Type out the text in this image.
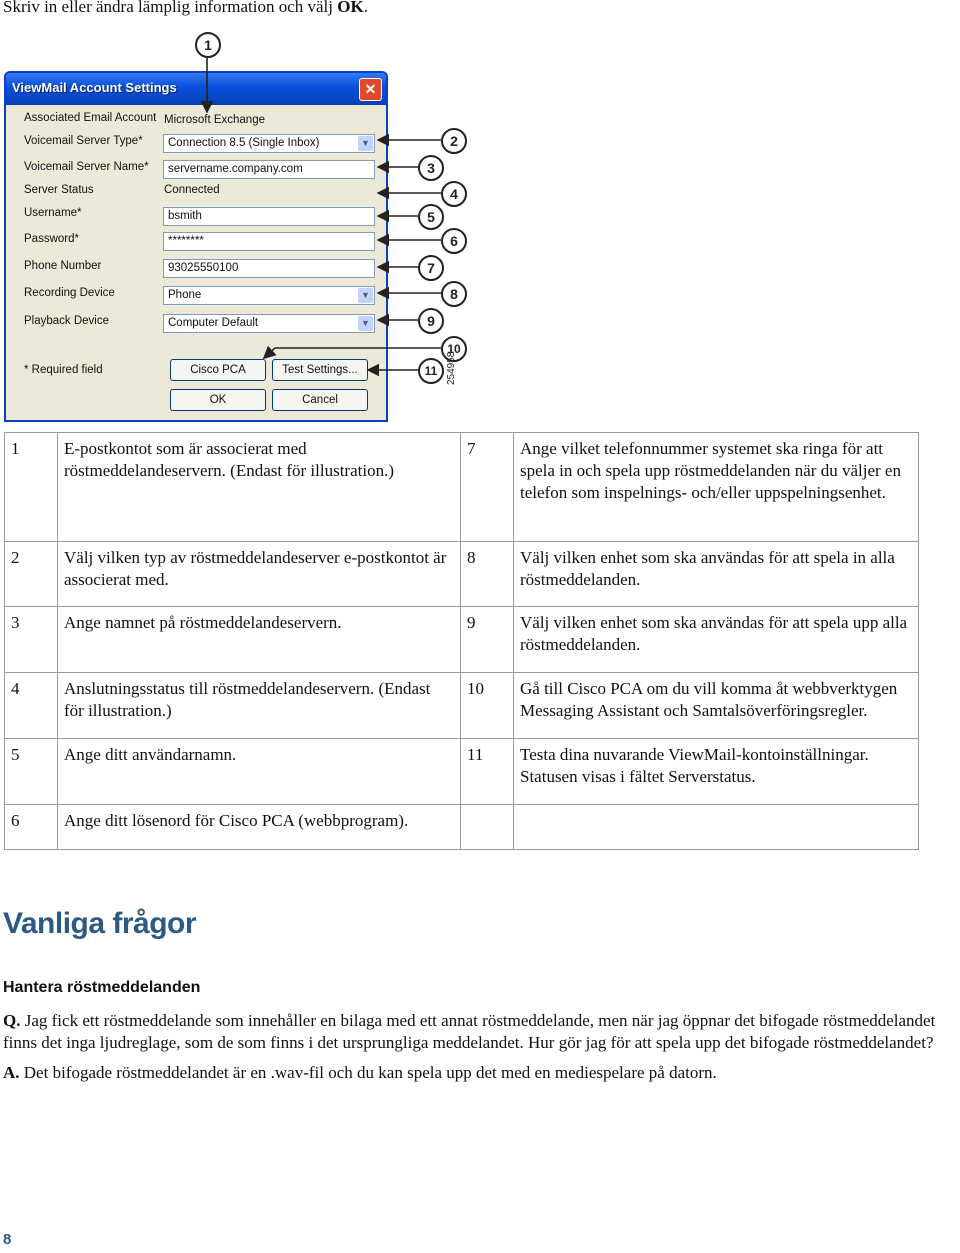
Skriv in eller ändra lämplig information och välj OK.
ViewMail Account Settings	✕
Associated Email Account Microsoft Exchange
Voicemail Server Type*	Connection 8.5 (Single Inbox)	▼
Voicemail Server Name*	servername.company.com
Server Status	Connected
Username*	bsmith
Password*	********
Phone Number	93025550100
Recording Device	Phone	▼
Playback Device	Computer Default	▼
* Required field	Cisco PCA	Test Settings...
OK	Cancel
1
2
3
4
5
6
7
8
9
10
11 254958
1	E-postkontot som är associerat med röstmeddelandeservern. (Endast för illustration.)	7	Ange vilket telefonnummer systemet ska ringa för att spela in och spela upp röstmeddelanden när du väljer en telefon som inspelnings- och/eller uppspelningsenhet.
2	Välj vilken typ av röstmeddelandeserver e-postkontot är associerat med.	8	Välj vilken enhet som ska användas för att spela in alla röstmeddelanden.
3	Ange namnet på röstmeddelandeservern.	9	Välj vilken enhet som ska användas för att spela upp alla röstmeddelanden.
4	Anslutningsstatus till röstmeddelandeservern. (Endast för illustration.)	10	Gå till Cisco PCA om du vill komma åt webbverktygen Messaging Assistant och Samtalsöverföringsregler.
5	Ange ditt användarnamn.	11	Testa dina nuvarande ViewMail-kontoinställningar. Statusen visas i fältet Serverstatus.
6	Ange ditt lösenord för Cisco PCA (webbprogram).		
Vanliga frågor
Hantera röstmeddelanden
Q. Jag fick ett röstmeddelande som innehåller en bilaga med ett annat röstmeddelande, men när jag öppnar det bifogade röstmeddelandet finns det inga ljudreglage, som de som finns i det ursprungliga meddelandet. Hur gör jag för att spela upp det bifogade röstmeddelandet?
A. Det bifogade röstmeddelandet är en .wav-fil och du kan spela upp det med en mediespelare på datorn.
8
